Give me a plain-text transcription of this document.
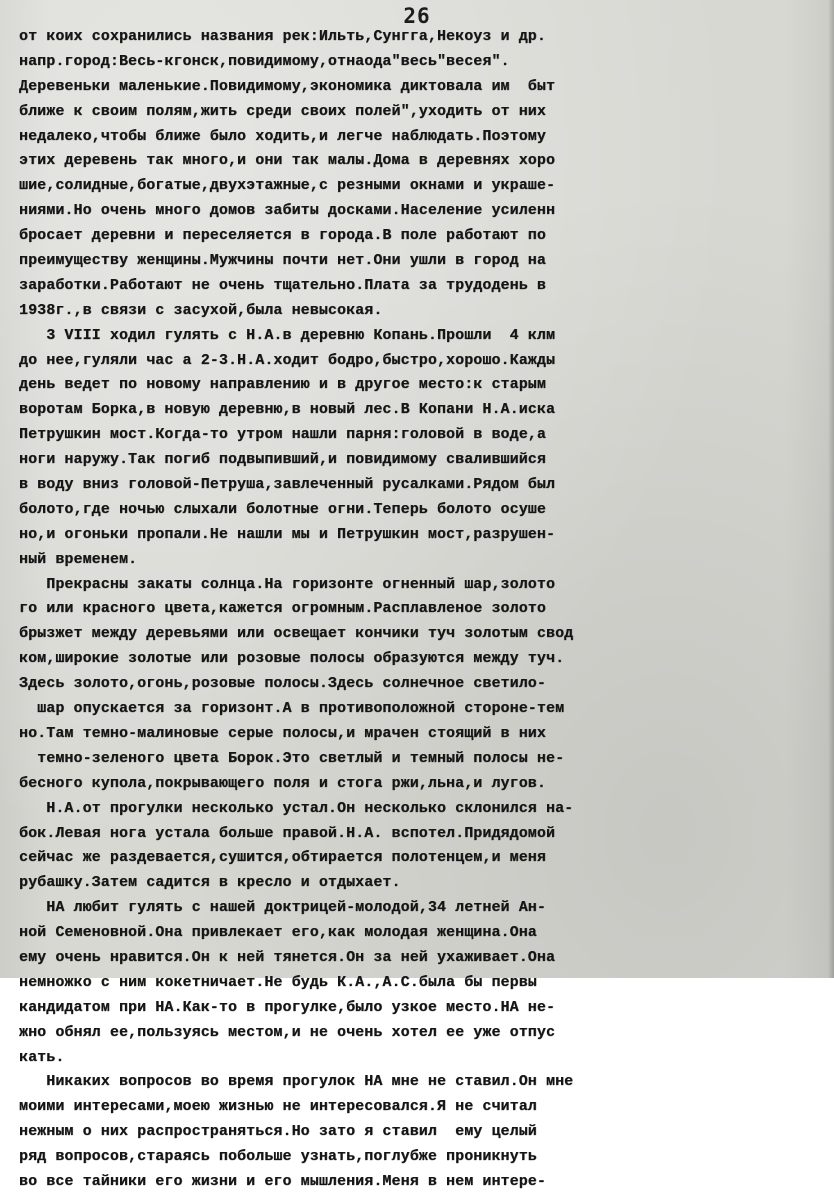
26
от коих сохранились названия рек:Ильть,Сунгга,Некоуз и др.
напр.город:Весь-кгонск,повидимому,отнаода"весь"весея".
Деревеньки маленькие.Повидимому,экономика диктовала им  быт
ближе к своим полям,жить среди своих полей",уходить от них
недалеко,чтобы ближе было ходить,и легче наблюдать.Поэтому
этих деревень так много,и они так малы.Дома в деревнях хоро
шие,солидные,богатые,двухэтажные,с резными окнами и украше-
ниями.Но очень много домов забиты досками.Население усиленн
бросает деревни и переселяется в города.В поле работают по
преимуществу женщины.Мужчины почти нет.Они ушли в город на
заработки.Работают не очень тщательно.Плата за трудодень в
1938г.,в связи с засухой,была невысокая.
3 VIII ходил гулять с Н.А.в деревню Копань.Прошли  4 клм
до нее,гуляли час а 2-3.Н.А.ходит бодро,быстро,хорошо.Кажды
день ведет по новому направлению и в другое место:к старым
воротам Борка,в новую деревню,в новый лес.В Копани Н.А.иска
Петрушкин мост.Когда-то утром нашли парня:головой в воде,а
ноги наружу.Так погиб подвыпивший,и повидимому свалившийся
в воду вниз головой-Петруша,завлеченный русалками.Рядом был
болото,где ночью слыхали болотные огни.Теперь болото осуше
но,и огоньки пропали.Не нашли мы и Петрушкин мост,разрушен-
ный временем.
Прекрасны закаты солнца.На горизонте огненный шар,золото
го или красного цвета,кажется огромным.Расплавленое золото
брызжет между деревьями или освещает кончики туч золотым свод
ком,широкие золотые или розовые полосы образуются между туч.
Здесь золото,огонь,розовые полосы.Здесь солнечное светило-
шар опускается за горизонт.А в противоположной стороне-тем
но.Там темно-малиновые серые полосы,и мрачен стоящий в них
темно-зеленого цвета Борок.Это светлый и темный полосы не-
бесного купола,покрывающего поля и стога ржи,льна,и лугов.
Н.А.от прогулки несколько устал.Он несколько склонился на-
бок.Левая нога устала больше правой.Н.А. вспотел.Придядомой
сейчас же раздевается,сушится,обтирается полотенцем,и меня
рубашку.Затем садится в кресло и отдыхает.
НА любит гулять с нашей доктрицей-молодой,34 летней Ан-
ной Семеновной.Она привлекает его,как молодая женщина.Она
ему очень нравится.Он к ней тянется.Он за ней ухаживает.Она
немножко с ним кокетничает.Не будь К.А.,А.С.была бы первы
кандидатом при НА.Как-то в прогулке,было узкое место.НА не-
жно обнял ее,пользуясь местом,и не очень хотел ее уже отпус
кать.
Никаких вопросов во время прогулок НА мне не ставил.Он мне
моими интересами,моею жизнью не интересовался.Я не считал
нежным о них распространяться.Но зато я ставил  ему целый
ряд вопросов,стараясь побольше узнать,поглубже проникнуть
во все тайники его жизни и его мышления.Меня в нем интере-
